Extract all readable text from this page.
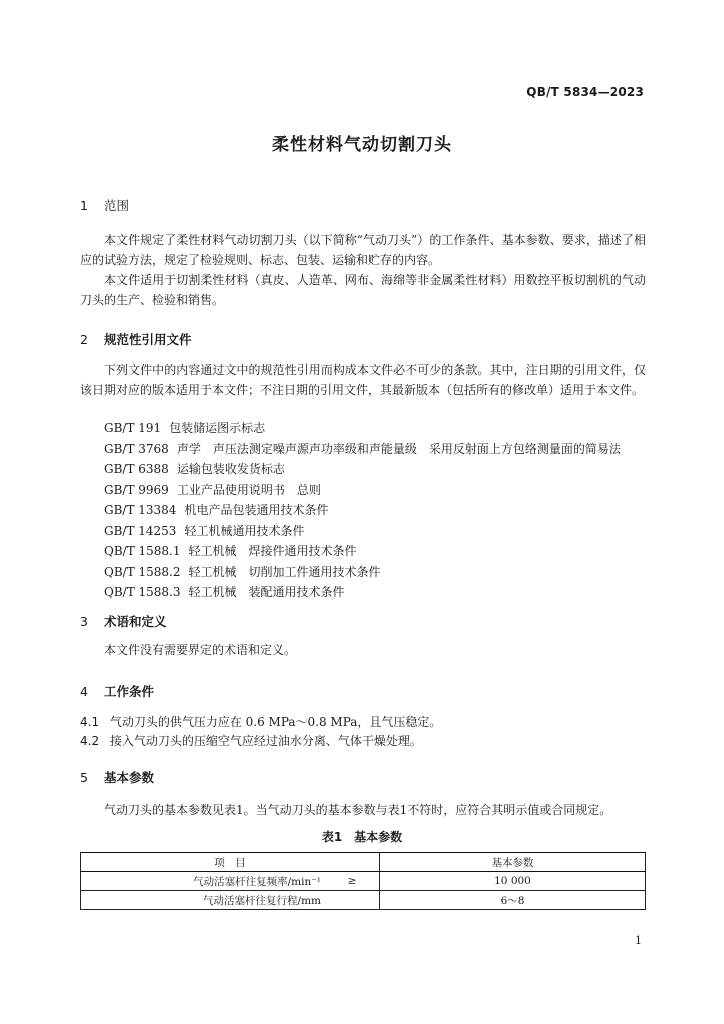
QB/T 5834—2023
柔性材料气动切割刀头
1 范围
本文件规定了柔性材料气动切割刀头（以下简称“气动刀头”）的工作条件、基本参数、要求，描述了相应的试验方法，规定了检验规则、标志、包装、运输和贮存的内容。
本文件适用于切割柔性材料（真皮、人造革、网布、海绵等非金属柔性材料）用数控平板切割机的气动刀头的生产、检验和销售。
2 规范性引用文件
下列文件中的内容通过文中的规范性引用而构成本文件必不可少的条款。其中，注日期的引用文件，仅该日期对应的版本适用于本文件；不注日期的引用文件，其最新版本（包括所有的修改单）适用于本文件。
GB/T 191 包装储运图示标志
GB/T 3768 声学　声压法测定噪声源声功率级和声能量级　采用反射面上方包络测量面的简易法
GB/T 6388 运输包装收发货标志
GB/T 9969 工业产品使用说明书　总则
GB/T 13384 机电产品包装通用技术条件
GB/T 14253 轻工机械通用技术条件
QB/T 1588.1 轻工机械　焊接件通用技术条件
QB/T 1588.2 轻工机械　切削加工件通用技术条件
QB/T 1588.3 轻工机械　装配通用技术条件
3 术语和定义
本文件没有需要界定的术语和定义。
4 工作条件
4.1 气动刀头的供气压力应在 0.6 MPa～0.8 MPa，且气压稳定。
4.2 接入气动刀头的压缩空气应经过油水分离、气体干燥处理。
5 基本参数
气动刀头的基本参数见表1。当气动刀头的基本参数与表1不符时，应符合其明示值或合同规定。
表1　基本参数
项　目		基本参数
气动活塞杆往复频率/min⁻¹	≥	10 000
气动活塞杆往复行程/mm		6～8
1
